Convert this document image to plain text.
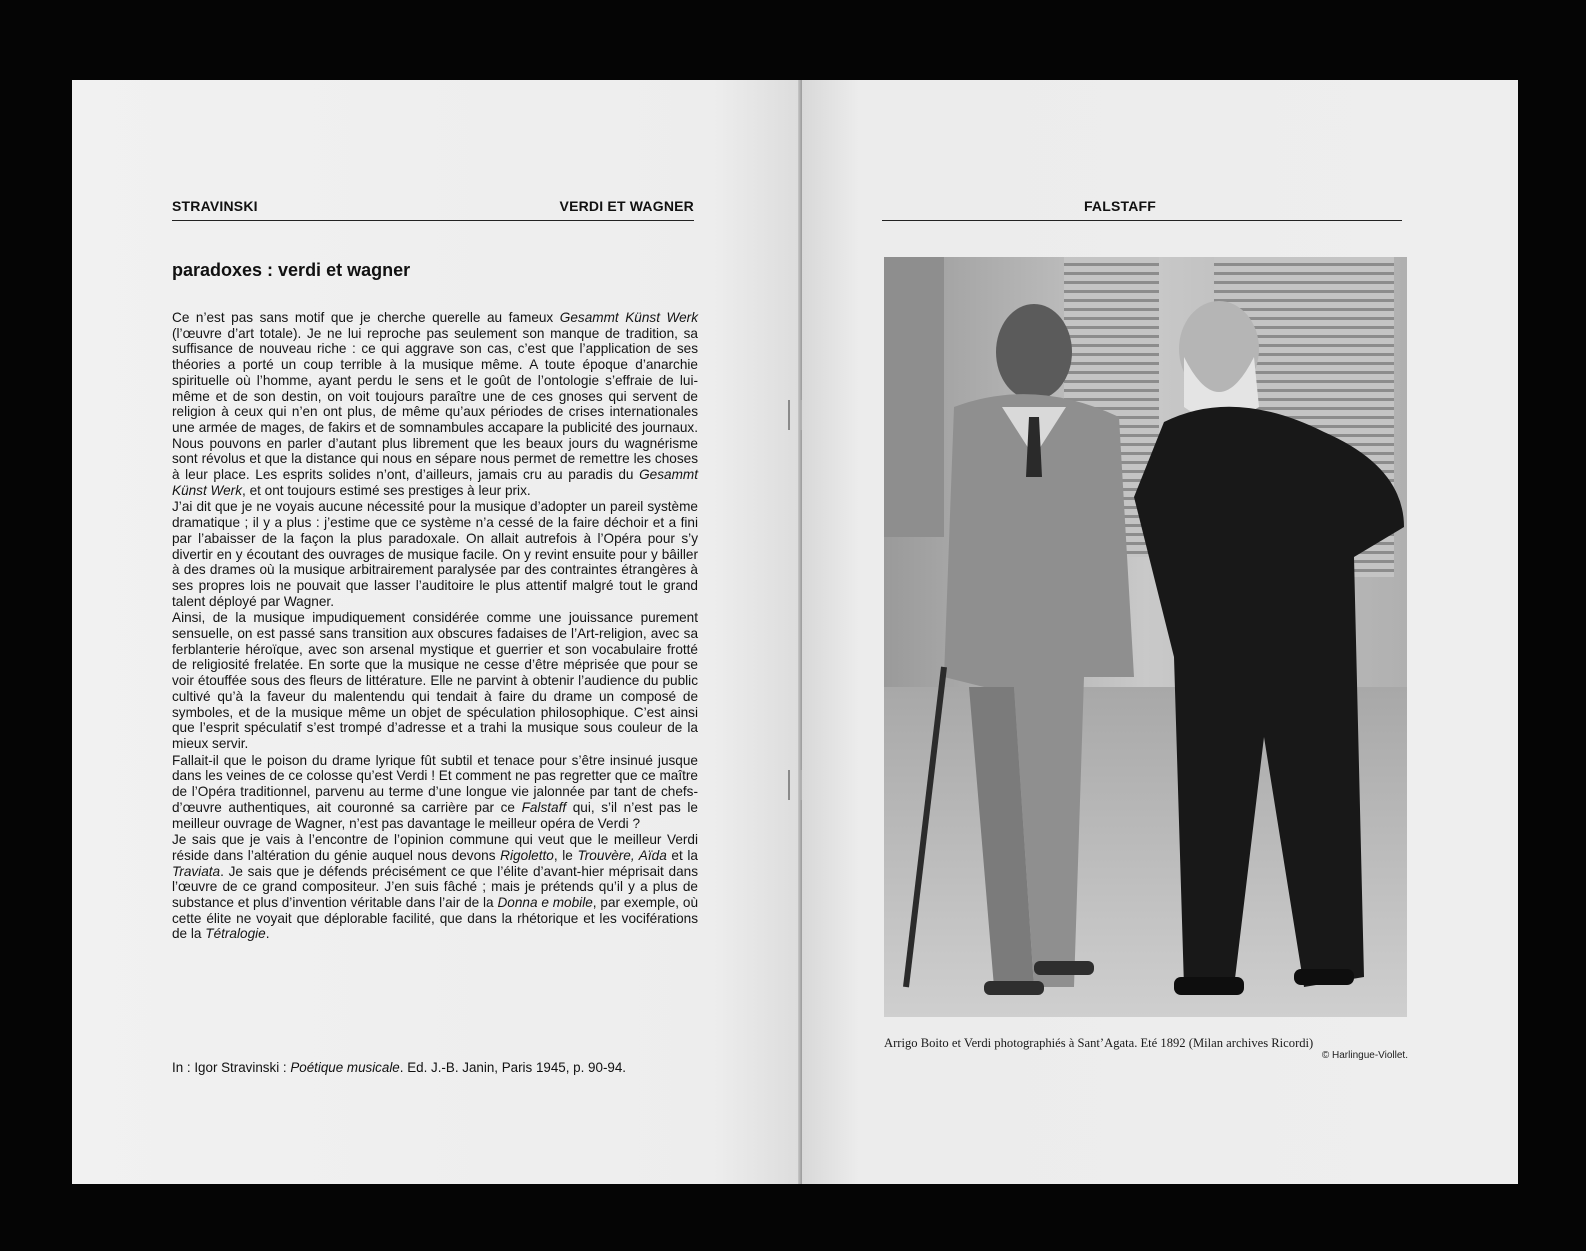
STRAVINSKI	VERDI ET WAGNER
paradoxes : verdi et wagner

Ce n’est pas sans motif que je cherche querelle au fameux Gesammt Künst Werk (l’œuvre d’art totale). Je ne lui reproche pas seulement son manque de tradition, sa suffisance de nouveau riche : ce qui aggrave son cas, c’est que l’application de ses théories a porté un coup terrible à la musique même. A toute époque d’anarchie spirituelle où l’homme, ayant perdu le sens et le goût de l’ontologie s’effraie de lui-même et de son destin, on voit toujours paraître une de ces gnoses qui servent de religion à ceux qui n’en ont plus, de même qu’aux périodes de crises internationales une armée de mages, de fakirs et de somnambules accapare la publicité des journaux. Nous pouvons en parler d’autant plus librement que les beaux jours du wagnérisme sont révolus et que la distance qui nous en sépare nous permet de remettre les choses à leur place. Les esprits solides n’ont, d’ailleurs, jamais cru au paradis du Gesammt Künst Werk, et ont toujours estimé ses prestiges à leur prix.

J’ai dit que je ne voyais aucune nécessité pour la musique d’adopter un pareil système dramatique ; il y a plus : j’estime que ce système n’a cessé de la faire déchoir et a fini par l’abaisser de la façon la plus paradoxale. On allait autrefois à l’Opéra pour s’y divertir en y écoutant des ouvrages de musique facile. On y revint ensuite pour y bâiller à des drames où la musique arbitrairement paralysée par des contraintes étrangères à ses propres lois ne pouvait que lasser l’auditoire le plus attentif malgré tout le grand talent déployé par Wagner.

Ainsi, de la musique impudiquement considérée comme une jouissance purement sensuelle, on est passé sans transition aux obscures fadaises de l’Art-religion, avec sa ferblanterie héroïque, avec son arsenal mystique et guerrier et son vocabulaire frotté de religiosité frelatée. En sorte que la musique ne cesse d’être méprisée que pour se voir étouffée sous des fleurs de littérature. Elle ne parvint à obtenir l’audience du public cultivé qu’à la faveur du malentendu qui tendait à faire du drame un composé de symboles, et de la musique même un objet de spéculation philosophique. C’est ainsi que l’esprit spéculatif s’est trompé d’adresse et a trahi la musique sous couleur de la mieux servir.

Fallait-il que le poison du drame lyrique fût subtil et tenace pour s’être insinué jusque dans les veines de ce colosse qu’est Verdi ! Et comment ne pas regretter que ce maître de l’Opéra traditionnel, parvenu au terme d’une longue vie jalonnée par tant de chefs-d’œuvre authentiques, ait couronné sa carrière par ce Falstaff qui, s’il n’est pas le meilleur ouvrage de Wagner, n’est pas davantage le meilleur opéra de Verdi ?

Je sais que je vais à l’encontre de l’opinion commune qui veut que le meilleur Verdi réside dans l’altération du génie auquel nous devons Rigoletto, le Trouvère, Aïda et la Traviata. Je sais que je défends précisément ce que l’élite d’avant-hier méprisait dans l’œuvre de ce grand compositeur. J’en suis fâché ; mais je prétends qu’il y a plus de substance et plus d’invention véritable dans l’air de la Donna e mobile, par exemple, où cette élite ne voyait que déplorable facilité, que dans la rhétorique et les vociférations de la Tétralogie.

In : Igor Stravinski : Poétique musicale. Ed. J.-B. Janin, Paris 1945, p. 90-94.
FALSTAFF
Arrigo Boito et Verdi photographiés à Sant’Agata. Eté 1892 (Milan archives Ricordi)
© Harlingue-Viollet.
